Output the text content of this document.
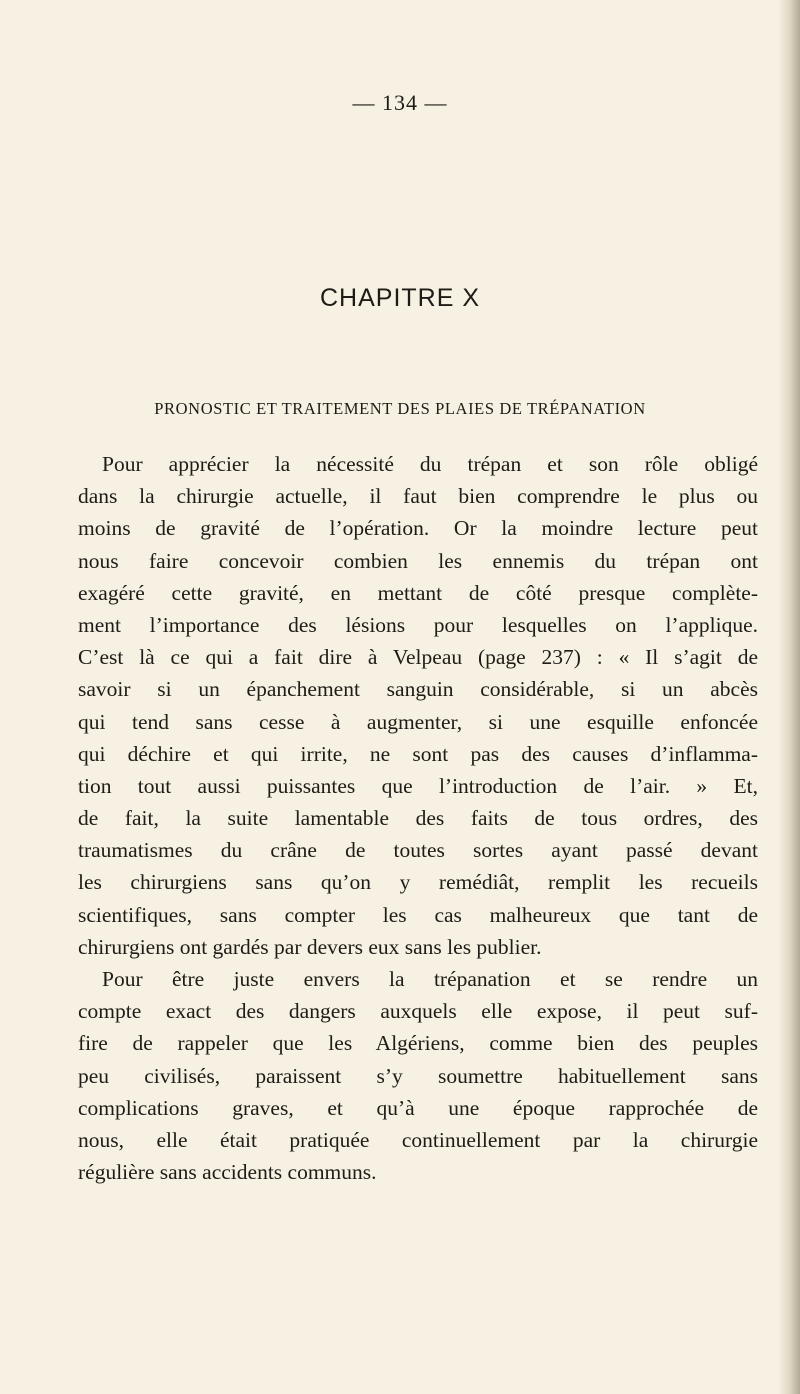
— 134 —
CHAPITRE X
PRONOSTIC ET TRAITEMENT DES PLAIES DE TRÉPANATION
Pour apprécier la nécessité du trépan et son rôle obligé
dans la chirurgie actuelle, il faut bien comprendre le plus ou
moins de gravité de l’opération. Or la moindre lecture peut
nous faire concevoir combien les ennemis du trépan ont
exagéré cette gravité, en mettant de côté presque complète-
ment l’importance des lésions pour lesquelles on l’applique.
C’est là ce qui a fait dire à Velpeau (page 237) : « Il s’agit de
savoir si un épanchement sanguin considérable, si un abcès
qui tend sans cesse à augmenter, si une esquille enfoncée
qui déchire et qui irrite, ne sont pas des causes d’inflamma-
tion tout aussi puissantes que l’introduction de l’air. » Et,
de fait, la suite lamentable des faits de tous ordres, des
traumatismes du crâne de toutes sortes ayant passé devant
les chirurgiens sans qu’on y remédiât, remplit les recueils
scientifiques, sans compter les cas malheureux que tant de
chirurgiens ont gardés par devers eux sans les publier.
Pour être juste envers la trépanation et se rendre un
compte exact des dangers auxquels elle expose, il peut suf-
fire de rappeler que les Algériens, comme bien des peuples
peu civilisés, paraissent s’y soumettre habituellement sans
complications graves, et qu’à une époque rapprochée de
nous, elle était pratiquée continuellement par la chirurgie
régulière sans accidents communs.
